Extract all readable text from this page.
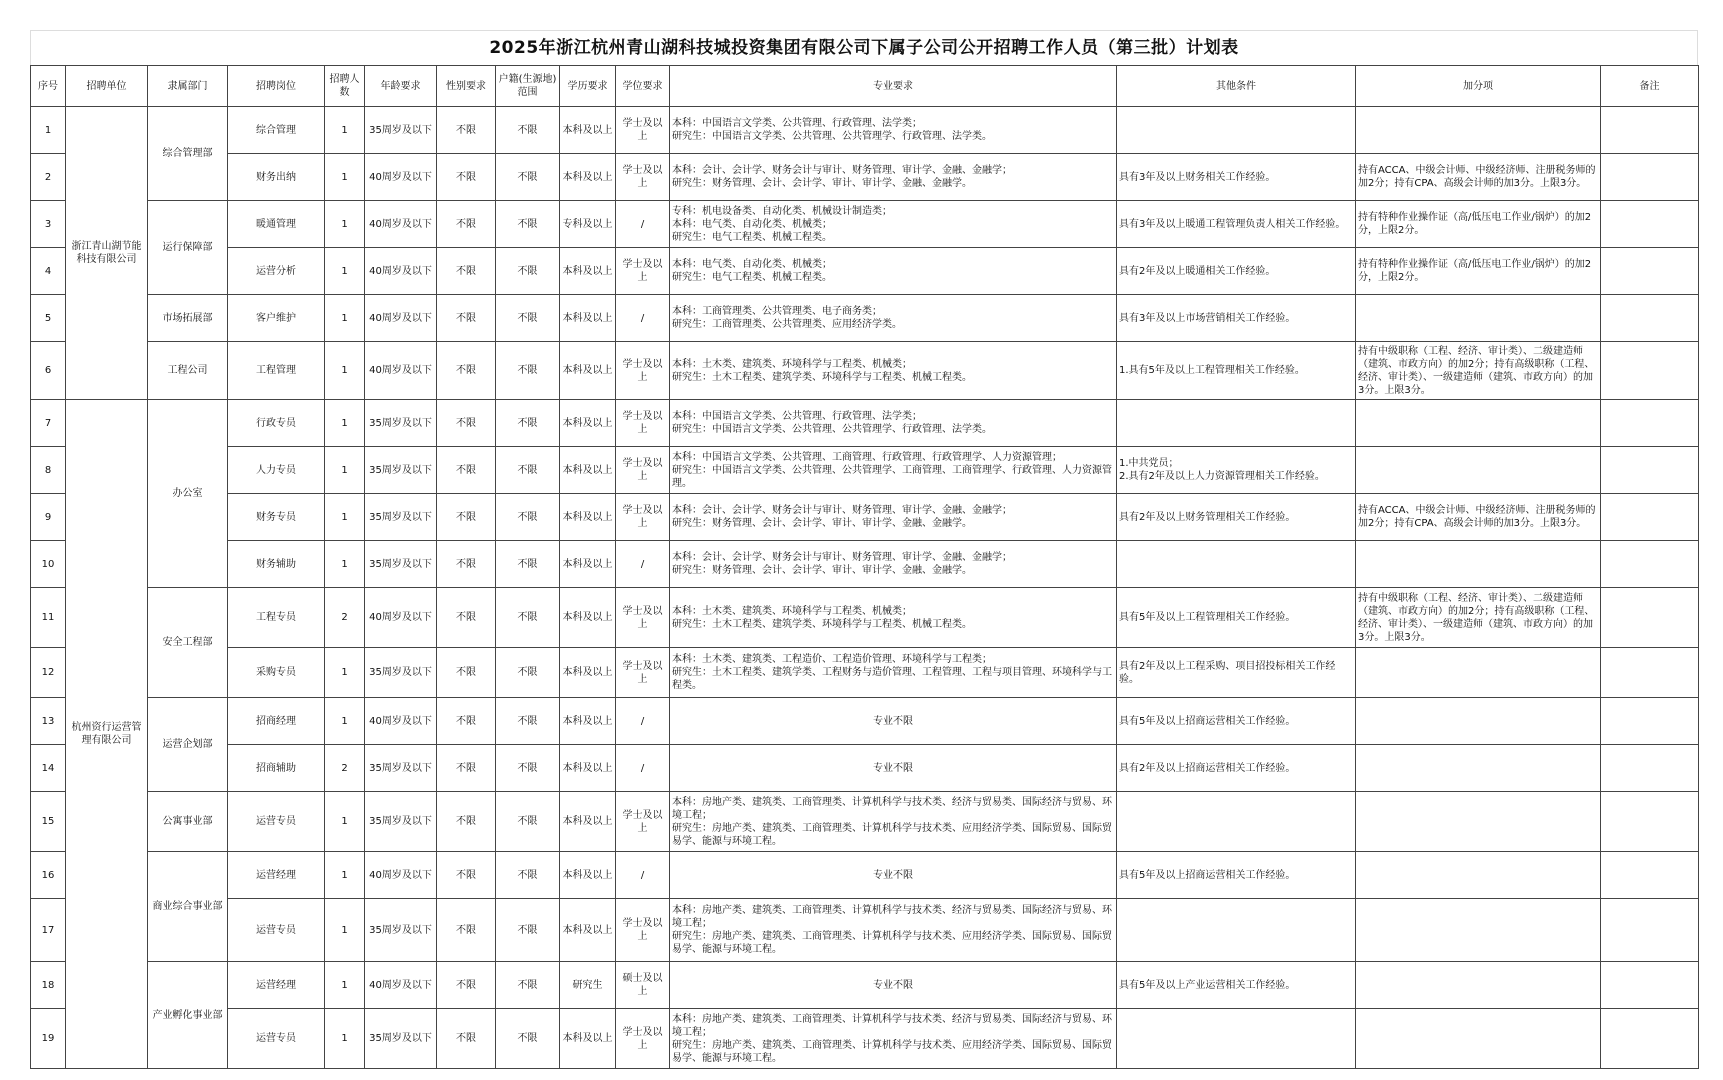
2025年浙江杭州青山湖科技城投资集团有限公司下属子公司公开招聘工作人员（第三批）计划表
序号	招聘单位	隶属部门	招聘岗位	招聘人数	年龄要求	性别要求	户籍(生源地)范围	学历要求	学位要求	专业要求	其他条件	加分项	备注
1	浙江青山湖节能科技有限公司	综合管理部	综合管理	1	35周岁及以下	不限	不限	本科及以上	学士及以上	本科：中国语言文学类、公共管理、行政管理、法学类；
研究生：中国语言文学类、公共管理、公共管理学、行政管理、法学类。			
2			财务出纳	1	40周岁及以下	不限	不限	本科及以上	学士及以上	本科：会计、会计学、财务会计与审计、财务管理、审计学、金融、金融学；
研究生：财务管理、会计、会计学、审计、审计学、金融、金融学。	具有3年及以上财务相关工作经验。	持有ACCA、中级会计师、中级经济师、注册税务师的加2分；持有CPA、高级会计师的加3分。上限3分。	
3		运行保障部	暖通管理	1	40周岁及以下	不限	不限	专科及以上	/	专科：机电设备类、自动化类、机械设计制造类；
本科：电气类、自动化类、机械类；
研究生：电气工程类、机械工程类。	具有3年及以上暖通工程管理负责人相关工作经验。	持有特种作业操作证（高/低压电工作业/锅炉）的加2分，上限2分。	
4			运营分析	1	40周岁及以下	不限	不限	本科及以上	学士及以上	本科：电气类、自动化类、机械类；
研究生：电气工程类、机械工程类。	具有2年及以上暖通相关工作经验。	持有特种作业操作证（高/低压电工作业/锅炉）的加2分，上限2分。	
5		市场拓展部	客户维护	1	40周岁及以下	不限	不限	本科及以上	/	本科：工商管理类、公共管理类、电子商务类；
研究生：工商管理类、公共管理类、应用经济学类。	具有3年及以上市场营销相关工作经验。		
6		工程公司	工程管理	1	40周岁及以下	不限	不限	本科及以上	学士及以上	本科：土木类、建筑类、环境科学与工程类、机械类；
研究生：土木工程类、建筑学类、环境科学与工程类、机械工程类。	1.具有5年及以上工程管理相关工作经验。	持有中级职称（工程、经济、审计类）、二级建造师（建筑、市政方向）的加2分；持有高级职称（工程、经济、审计类）、一级建造师（建筑、市政方向）的加3分。上限3分。	
7	杭州资行运营管理有限公司	办公室	行政专员	1	35周岁及以下	不限	不限	本科及以上	学士及以上	本科：中国语言文学类、公共管理、行政管理、法学类；
研究生：中国语言文学类、公共管理、公共管理学、行政管理、法学类。			
8			人力专员	1	35周岁及以下	不限	不限	本科及以上	学士及以上	本科：中国语言文学类、公共管理、工商管理、行政管理、行政管理学、人力资源管理；
研究生：中国语言文学类、公共管理、公共管理学、工商管理、工商管理学、行政管理、人力资源管理。	1.中共党员；
2.具有2年及以上人力资源管理相关工作经验。		
9			财务专员	1	35周岁及以下	不限	不限	本科及以上	学士及以上	本科：会计、会计学、财务会计与审计、财务管理、审计学、金融、金融学；
研究生：财务管理、会计、会计学、审计、审计学、金融、金融学。	具有2年及以上财务管理相关工作经验。	持有ACCA、中级会计师、中级经济师、注册税务师的加2分；持有CPA、高级会计师的加3分。上限3分。	
10			财务辅助	1	35周岁及以下	不限	不限	本科及以上	/	本科：会计、会计学、财务会计与审计、财务管理、审计学、金融、金融学；
研究生：财务管理、会计、会计学、审计、审计学、金融、金融学。			
11		安全工程部	工程专员	2	40周岁及以下	不限	不限	本科及以上	学士及以上	本科：土木类、建筑类、环境科学与工程类、机械类；
研究生：土木工程类、建筑学类、环境科学与工程类、机械工程类。	具有5年及以上工程管理相关工作经验。	持有中级职称（工程、经济、审计类）、二级建造师（建筑、市政方向）的加2分；持有高级职称（工程、经济、审计类）、一级建造师（建筑、市政方向）的加3分。上限3分。	
12			采购专员	1	35周岁及以下	不限	不限	本科及以上	学士及以上	本科：土木类、建筑类、工程造价、工程造价管理、环境科学与工程类；
研究生：土木工程类、建筑学类、工程财务与造价管理、工程管理、工程与项目管理、环境科学与工程类。	具有2年及以上工程采购、项目招投标相关工作经验。		
13		运营企划部	招商经理	1	40周岁及以下	不限	不限	本科及以上	/	专业不限	具有5年及以上招商运营相关工作经验。		
14			招商辅助	2	35周岁及以下	不限	不限	本科及以上	/	专业不限	具有2年及以上招商运营相关工作经验。		
15		公寓事业部	运营专员	1	35周岁及以下	不限	不限	本科及以上	学士及以上	本科：房地产类、建筑类、工商管理类、计算机科学与技术类、经济与贸易类、国际经济与贸易、环境工程；
研究生：房地产类、建筑类、工商管理类、计算机科学与技术类、应用经济学类、国际贸易、国际贸易学、能源与环境工程。			
16		商业综合事业部	运营经理	1	40周岁及以下	不限	不限	本科及以上	/	专业不限	具有5年及以上招商运营相关工作经验。		
17			运营专员	1	35周岁及以下	不限	不限	本科及以上	学士及以上	本科：房地产类、建筑类、工商管理类、计算机科学与技术类、经济与贸易类、国际经济与贸易、环境工程；
研究生：房地产类、建筑类、工商管理类、计算机科学与技术类、应用经济学类、国际贸易、国际贸易学、能源与环境工程。			
18		产业孵化事业部	运营经理	1	40周岁及以下	不限	不限	研究生	硕士及以上	专业不限	具有5年及以上产业运营相关工作经验。		
19			运营专员	1	35周岁及以下	不限	不限	本科及以上	学士及以上	本科：房地产类、建筑类、工商管理类、计算机科学与技术类、经济与贸易类、国际经济与贸易、环境工程；
研究生：房地产类、建筑类、工商管理类、计算机科学与技术类、应用经济学类、国际贸易、国际贸易学、能源与环境工程。			
